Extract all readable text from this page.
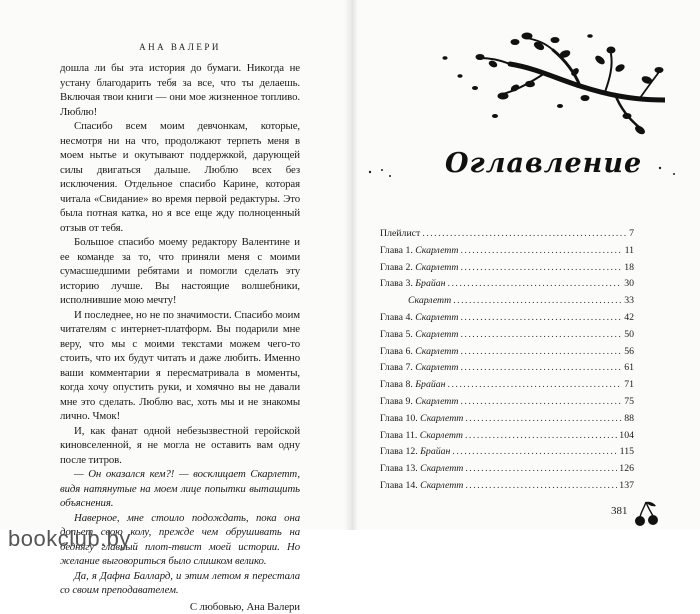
АНА ВАЛЕРИ

дошла ли бы эта история до бумаги. Никогда не устану благодарить тебя за все, что ты делаешь. Включая твои книги — они мое жизненное топливо. Люблю!

Спасибо всем моим девчонкам, которые, несмотря ни на что, продолжают терпеть меня в моем нытье и окутывают поддержкой, дарующей силы двигаться дальше. Люблю всех без исключения. Отдельное спасибо Карине, которая читала «Свидание» во время первой редактуры. Это была потная катка, но я все еще жду полноценный отзыв от тебя.

Большое спасибо моему редактору Валентине и ее команде за то, что приняли меня с моими сумасшедшими ребятами и помогли сделать эту историю лучше. Вы настоящие волшебники, исполнившие мою мечту!

И последнее, но не по значимости. Спасибо моим читателям с интернет-платформ. Вы подарили мне веру, что мы с моими текстами можем чего-то стоить, что их будут читать и даже любить. Именно ваши комментарии я пересматривала в моменты, когда хочу опустить руки, и хомячно вы не давали мне это сделать. Люблю вас, хоть мы и не знакомы лично. Чмок!

И, как фанат одной небезызвестной геройской киновселенной, я не могла не оставить вам одну после титров.

— Он оказался кем?! — восклицает Скарлетт, видя натянутые на моем лице попытки вытащить объяснения.

Наверное, мне стоило подождать, пока она допьет свою колу, прежде чем обрушивать на беднягу главный плот-твист моей истории. Но желание выговориться было слишком велико.

Да, я Дафна Баллард, и этим летом я перестала со своим преподавателем.

С любовью, Ана Валери

Оглавление
Плейлист .....	7
Глава 1. Скарлетт .....	11
Глава 2. Скарлетт .....	18
Глава 3. Брайан .....	30
Скарлетт .....	33
Глава 4. Скарлетт .....	42
Глава 5. Скарлетт .....	50
Глава 6. Скарлетт .....	56
Глава 7. Скарлетт .....	61
Глава 8. Брайан .....	71
Глава 9. Скарлетт .....	75
Глава 10. Скарлетт .....	88
Глава 11. Скарлетт .....	104
Глава 12. Брайан .....	115
Глава 13. Скарлетт .....	126
Глава 14. Скарлетт .....	137
381
bookclub.by
